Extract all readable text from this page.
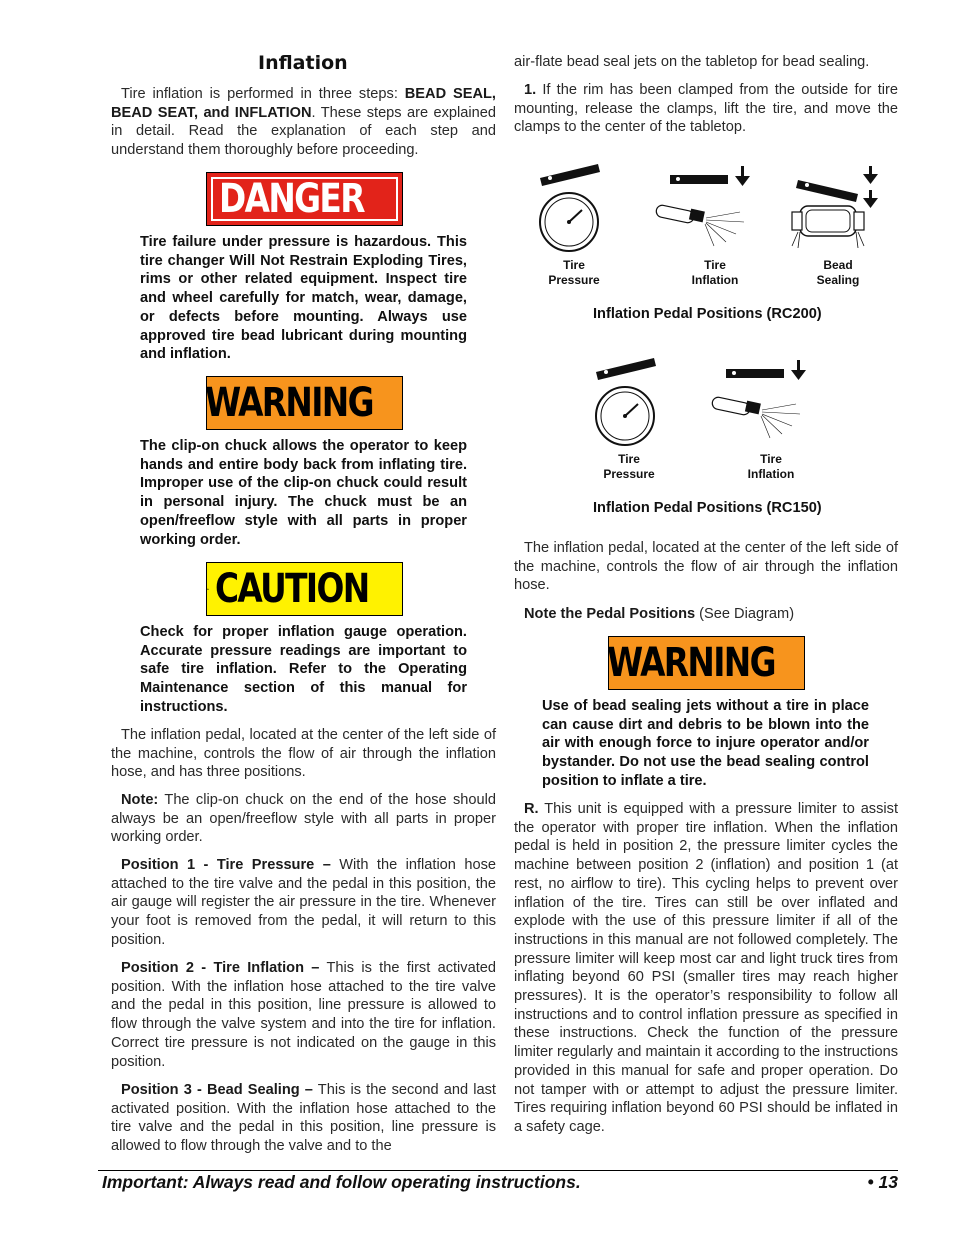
Inflation

Tire inflation is performed in three steps: BEAD SEAL, BEAD SEAT, and INFLATION. These steps are explained in detail. Read the explanation of each step and understand them thoroughly before proceeding.

DANGER
Tire failure under pressure is hazardous. This tire changer Will Not Restrain Exploding Tires, rims or other related equipment. Inspect tire and wheel carefully for match, wear, damage, or defects before mounting. Always use approved tire bead lubricant during mounting and inflation.
WARNING
The clip-on chuck allows the operator to keep hands and entire body back from inflating tire. Improper use of the clip-on chuck could result in personal injury. The chuck must be an open/freeflow style with all parts in proper working order.
CAUTION
Check for proper inflation gauge operation. Accurate pressure readings are important to safe tire inflation. Refer to the Operating Maintenance section of this manual for instructions.

The inflation pedal, located at the center of the left side of the machine, controls the flow of air through the inflation hose, and has three positions.

Note: The clip-on chuck on the end of the hose should always be an open/freeflow style with all parts in proper working order.

Position 1 - Tire Pressure – With the inflation hose attached to the tire valve and the pedal in this position, the air gauge will register the air pressure in the tire. Whenever your foot is removed from the pedal, it will return to this position.

Position 2 - Tire Inflation – This is the first activated position. With the inflation hose attached to the tire valve and the pedal in this position, line pressure is allowed to flow through the valve system and into the tire for inflation. Correct tire pressure is not indicated on the gauge in this position.

Position 3 - Bead Sealing – This is the second and last activated position. With the inflation hose attached to the tire valve and the pedal in this position, line pressure is allowed to flow through the valve and to the

air-flate bead seal jets on the tabletop for bead sealing.

1. If the rim has been clamped from the outside for tire mounting, release the clamps, lift the tire, and move the clamps to the center of the tabletop.

Tire
Pressure
Tire
Inflation
Bead
Sealing
Inflation Pedal Positions (RC200)
Tire
Pressure
Tire
Inflation
Inflation Pedal Positions (RC150)

The inflation pedal, located at the center of the left side of the machine, controls the flow of air through the inflation hose.

Note the Pedal Positions (See Diagram)

WARNING
Use of bead sealing jets without a tire in place can cause dirt and debris to be blown into the air with enough force to injure operator and/or bystander. Do not use the bead sealing control position to inflate a tire.

R. This unit is equipped with a pressure limiter to assist the operator with proper tire inflation. When the inflation pedal is held in position 2, the pressure limiter cycles the machine between position 2 (inflation) and position 1 (at rest, no airflow to tire). This cycling helps to prevent over inflation of the tire. Tires can still be over inflated and explode with the use of this pressure limiter if all of the instructions in this manual are not followed completely. The pressure limiter will keep most car and light truck tires from inflating beyond 60 PSI (smaller tires may reach higher pressures). It is the operator’s responsibility to follow all instructions and to control inflation pressure as specified in these instructions. Check the function of the pressure limiter regularly and maintain it according to the instructions provided in this manual for safe and proper operation. Do not tamper with or attempt to adjust the pressure limiter. Tires requiring inflation beyond 60 PSI should be inflated in a safety cage.

Important: Always read and follow operating instructions.	• 13
